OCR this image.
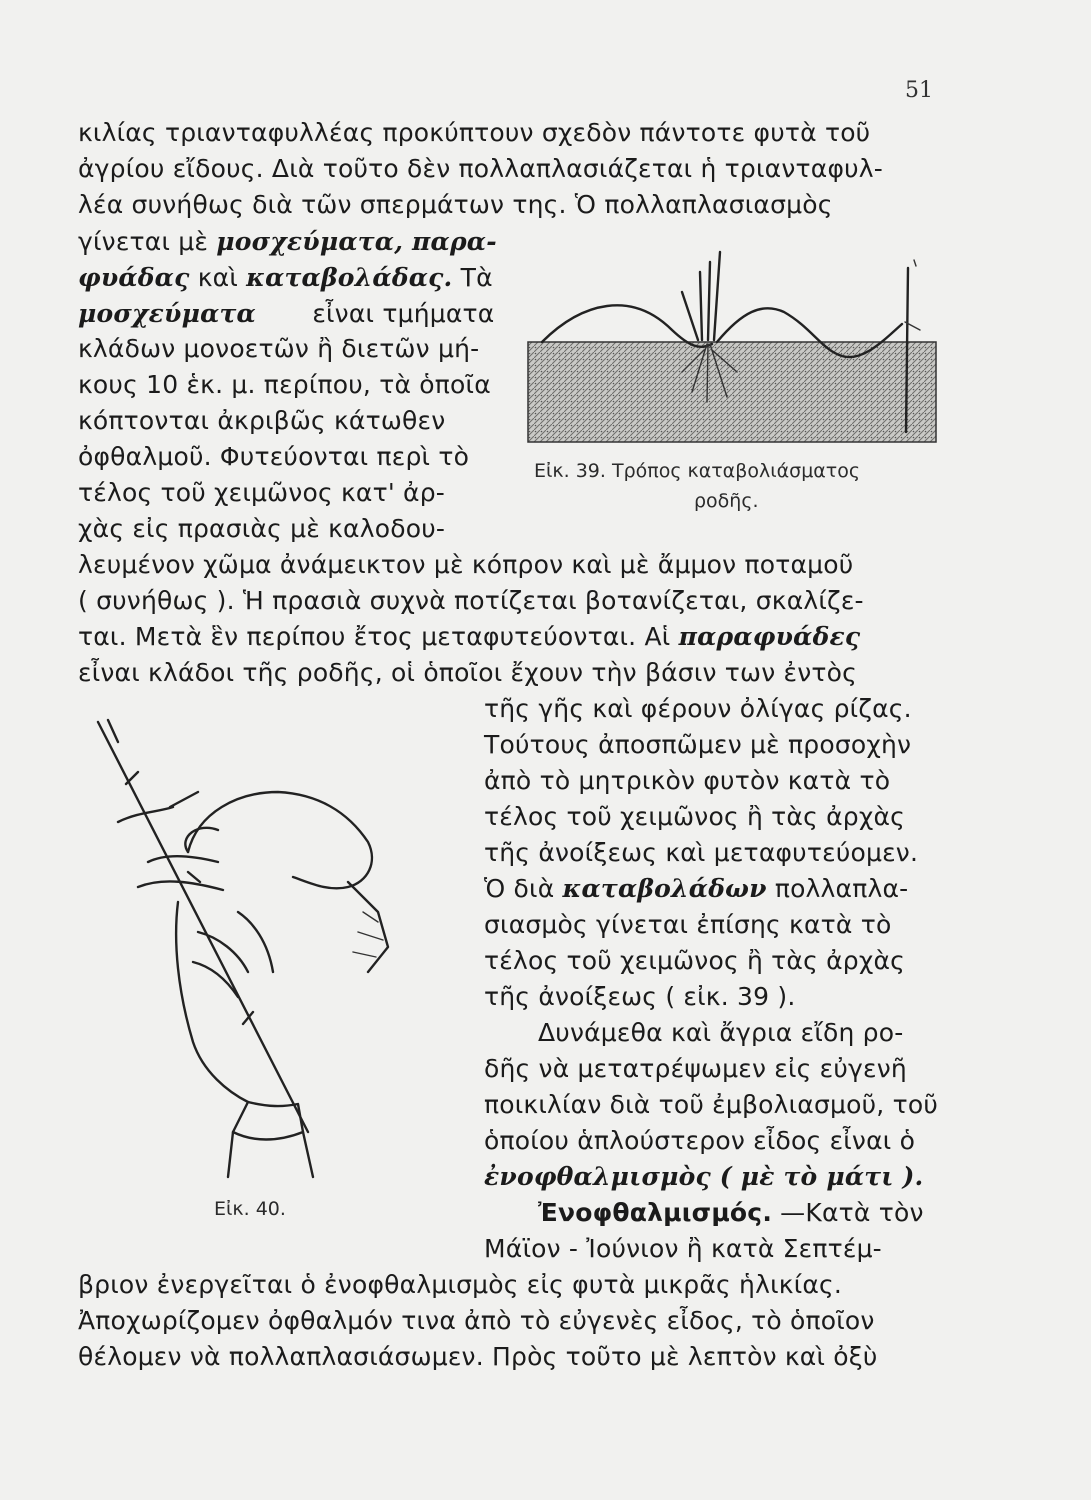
51
κιλίας τριανταφυλλέας προκύπτουν σχεδὸν πάντοτε φυτὰ τοῦ
ἀγρίου εἴδους. Διὰ τοῦτο δὲν πολλαπλασιάζεται ἡ τριανταφυλ-
λέα συνήθως διὰ τῶν σπερμάτων της. Ὁ πολλαπλασιασμὸς
γίνεται μὲ μοσχεύματα, παρα-
φυάδας καὶ καταβολάδας. Τὰ
μοσχεύματα εἶναι τμήματα
κλάδων μονοετῶν ἢ διετῶν μή-
κους 10 ἑκ. μ. περίπου, τὰ ὁποῖα
κόπτονται ἀκριβῶς κάτωθεν
ὀφθαλμοῦ. Φυτεύονται περὶ τὸ
τέλος τοῦ χειμῶνος κατ' ἀρ-
χὰς εἰς πρασιὰς μὲ καλοδου-
Εἰκ. 39. Τρόπος καταβολιάσματος
ροδῆς.
λευμένον χῶμα ἀνάμεικτον μὲ κόπρον καὶ μὲ ἄμμον ποταμοῦ
( συνήθως ). Ἡ πρασιὰ συχνὰ ποτίζεται βοτανίζεται, σκαλίζε-
ται. Μετὰ ἓν περίπου ἔτος μεταφυτεύονται. Αἱ παραφυάδες
εἶναι κλάδοι τῆς ροδῆς, οἱ ὁποῖοι ἔχουν τὴν βάσιν των ἐντὸς
τῆς γῆς καὶ φέρουν ὀλίγας ρίζας.
Τούτους ἀποσπῶμεν μὲ προσοχὴν
ἀπὸ τὸ μητρικὸν φυτὸν κατὰ τὸ
τέλος τοῦ χειμῶνος ἢ τὰς ἀρχὰς
τῆς ἀνοίξεως καὶ μεταφυτεύομεν.
Ὁ διὰ καταβολάδων πολλαπλα-
σιασμὸς γίνεται ἐπίσης κατὰ τὸ
τέλος τοῦ χειμῶνος ἢ τὰς ἀρχὰς
τῆς ἀνοίξεως ( εἰκ. 39 ).
Δυνάμεθα καὶ ἄγρια εἴδη ρο-
δῆς νὰ μετατρέψωμεν εἰς εὐγενῆ
ποικιλίαν διὰ τοῦ ἐμβολιασμοῦ, τοῦ
ὁποίου ἁπλούστερον εἶδος εἶναι ὁ
ἐνοφθαλμισμὸς ( μὲ τὸ μάτι ).
Ἐνοφθαλμισμός. —Κατὰ τὸν
Μάϊον - Ἰούνιον ἢ κατὰ Σεπτέμ-
Εἰκ. 40.
βριον ἐνεργεῖται ὁ ἐνοφθαλμισμὸς εἰς φυτὰ μικρᾶς ἡλικίας.
Ἀποχωρίζομεν ὀφθαλμόν τινα ἀπὸ τὸ εὐγενὲς εἶδος, τὸ ὁποῖον
θέλομεν νὰ πολλαπλασιάσωμεν. Πρὸς τοῦτο μὲ λεπτὸν καὶ ὀξὺ
